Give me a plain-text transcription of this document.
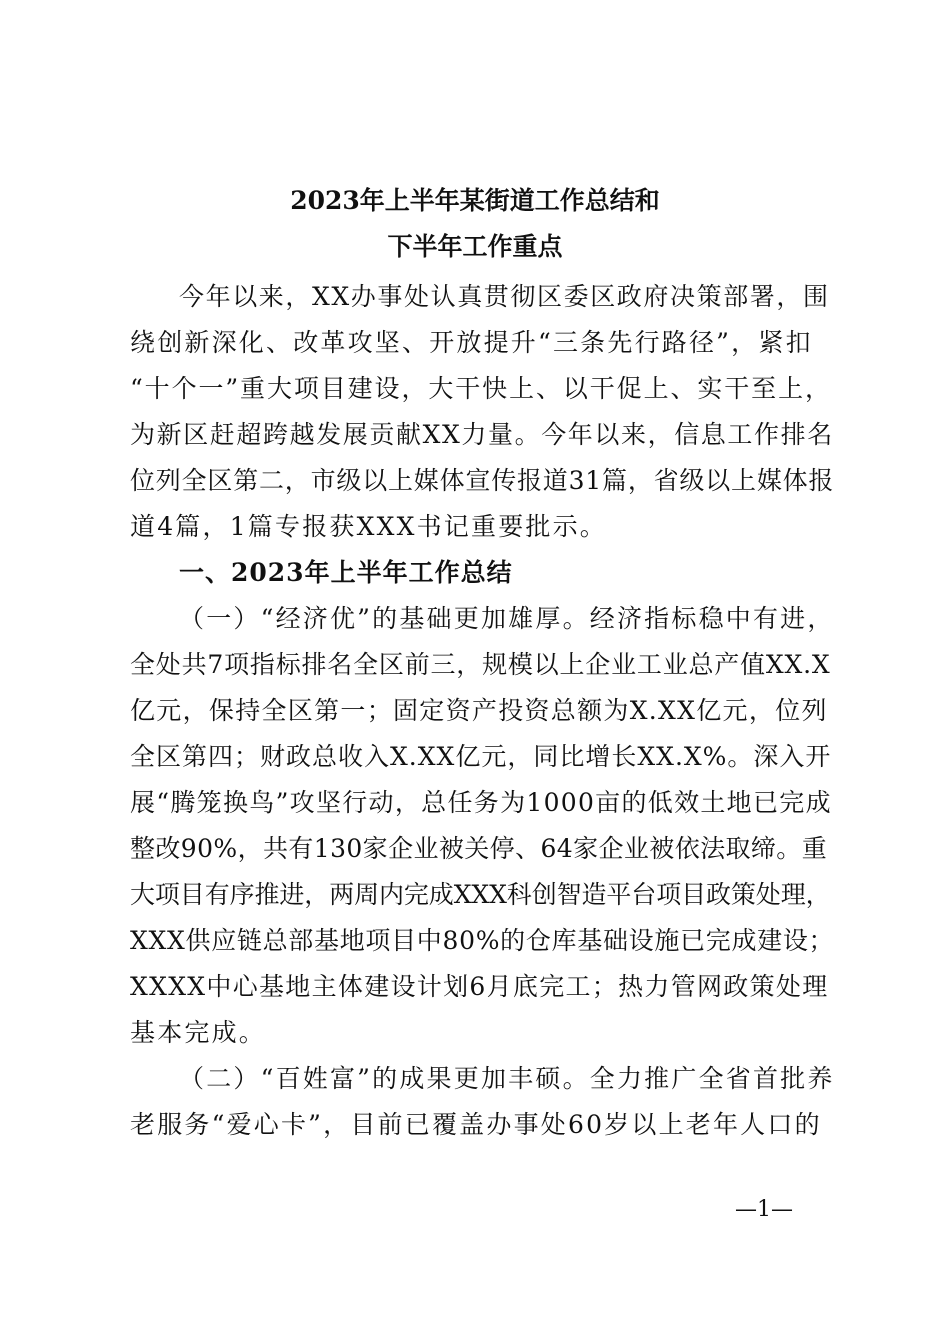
2023年上半年某街道工作总结和
下半年工作重点
今年以来，XX办事处认真贯彻区委区政府决策部署，围
绕创新深化、改革攻坚、开放提升“三条先行路径”，紧扣
“十个一”重大项目建设，大干快上、以干促上、实干至上，
为新区赶超跨越发展贡献XX力量。今年以来，信息工作排名
位列全区第二，市级以上媒体宣传报道31篇，省级以上媒体报
道4篇，1篇专报获XXX书记重要批示。
一、2023年上半年工作总结
（一）“经济优”的基础更加雄厚。经济指标稳中有进，
全处共7项指标排名全区前三，规模以上企业工业总产值XX.X
亿元，保持全区第一；固定资产投资总额为X.XX亿元，位列
全区第四；财政总收入X.XX亿元，同比增长XX.X%。深入开
展“腾笼换鸟”攻坚行动，总任务为1000亩的低效土地已完成
整改90%，共有130家企业被关停、64家企业被依法取缔。重
大项目有序推进，两周内完成XXX科创智造平台项目政策处理，
XXX供应链总部基地项目中80%的仓库基础设施已完成建设；
XXXX中心基地主体建设计划6月底完工；热力管网政策处理
基本完成。
（二）“百姓富”的成果更加丰硕。全力推广全省首批养
老服务“爱心卡”，目前已覆盖办事处60岁以上老年人口的
—1—
